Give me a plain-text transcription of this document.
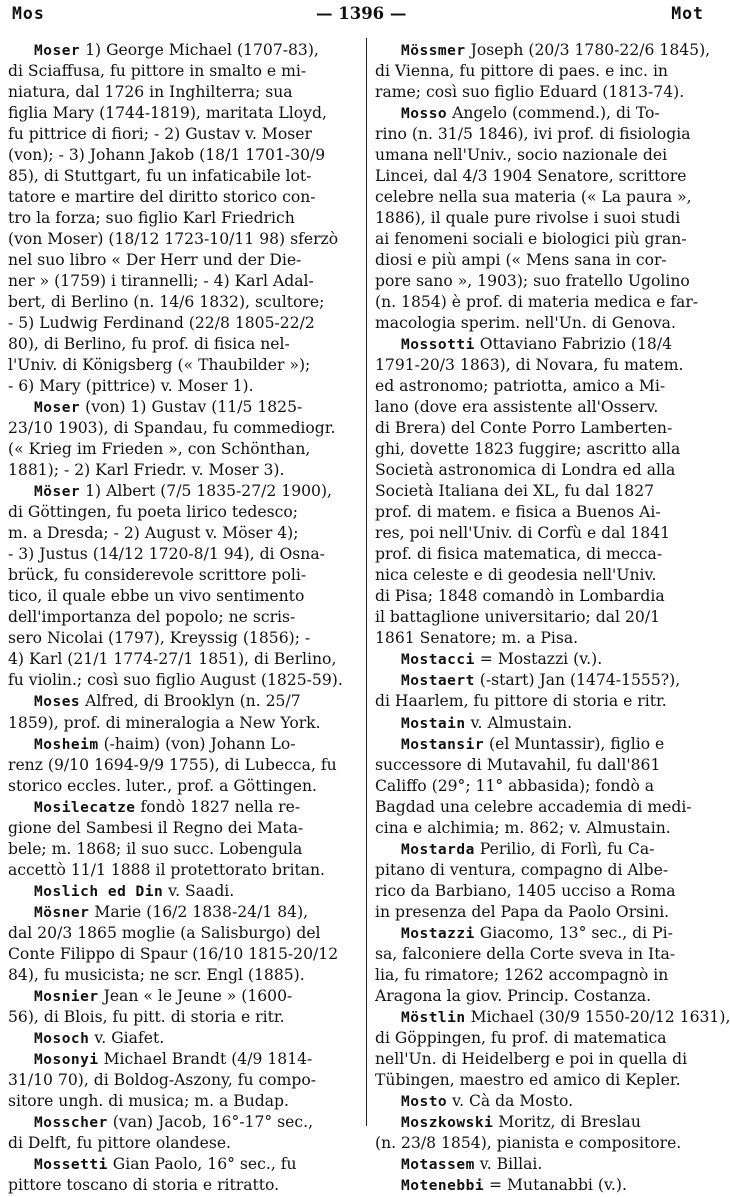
Mos	— 1396 —	Mot
Moser 1) George Michael (1707-83),
di Sciaffusa, fu pittore in smalto e mi-
niatura, dal 1726 in Inghilterra; sua
figlia Mary (1744-1819), maritata Lloyd,
fu pittrice di fiori; - 2) Gustav v. Moser
(von); - 3) Johann Jakob (18/1 1701-30/9
85), di Stuttgart, fu un infaticabile lot-
tatore e martire del diritto storico con-
tro la forza; suo figlio Karl Friedrich
(von Moser) (18/12 1723-10/11 98) sferzò
nel suo libro « Der Herr und der Die-
ner » (1759) i tirannelli; - 4) Karl Adal-
bert, di Berlino (n. 14/6 1832), scultore;
- 5) Ludwig Ferdinand (22/8 1805-22/2
80), di Berlino, fu prof. di fisica nel-
l'Univ. di Königsberg (« Thaubilder »);
- 6) Mary (pittrice) v. Moser 1).
Moser (von) 1) Gustav (11/5 1825-
23/10 1903), di Spandau, fu commediogr.
(« Krieg im Frieden », con Schönthan,
1881); - 2) Karl Friedr. v. Moser 3).
Möser 1) Albert (7/5 1835-27/2 1900),
di Göttingen, fu poeta lirico tedesco;
m. a Dresda; - 2) August v. Möser 4);
- 3) Justus (14/12 1720-8/1 94), di Osna-
brück, fu considerevole scrittore poli-
tico, il quale ebbe un vivo sentimento
dell'importanza del popolo; ne scris-
sero Nicolai (1797), Kreyssig (1856); -
4) Karl (21/1 1774-27/1 1851), di Berlino,
fu violin.; così suo figlio August (1825-59).
Moses Alfred, di Brooklyn (n. 25/7
1859), prof. di mineralogia a New York.
Mosheim (-haim) (von) Johann Lo-
renz (9/10 1694-9/9 1755), di Lubecca, fu
storico eccles. luter., prof. a Göttingen.
Mosilecatze fondò 1827 nella re-
gione del Sambesi il Regno dei Mata-
bele; m. 1868; il suo succ. Lobengula
accettò 11/1 1888 il protettorato britan.
Moslich ed Din v. Saadi.
Mösner Marie (16/2 1838-24/1 84),
dal 20/3 1865 moglie (a Salisburgo) del
Conte Filippo di Spaur (16/10 1815-20/12
84), fu musicista; ne scr. Engl (1885).
Mosnier Jean « le Jeune » (1600-
56), di Blois, fu pitt. di storia e ritr.
Mosoch v. Giafet.
Mosonyi Michael Brandt (4/9 1814-
31/10 70), di Boldog-Aszony, fu compo-
sitore ungh. di musica; m. a Budap.
Mosscher (van) Jacob, 16°-17° sec.,
di Delft, fu pittore olandese.
Mossetti Gian Paolo, 16° sec., fu
pittore toscano di storia e ritratto.
Mössmer Joseph (20/3 1780-22/6 1845),
di Vienna, fu pittore di paes. e inc. in
rame; così suo figlio Eduard (1813-74).
Mosso Angelo (commend.), di To-
rino (n. 31/5 1846), ivi prof. di fisiologia
umana nell'Univ., socio nazionale dei
Lincei, dal 4/3 1904 Senatore, scrittore
celebre nella sua materia (« La paura »,
1886), il quale pure rivolse i suoi studi
ai fenomeni sociali e biologici più gran-
diosi e più ampi (« Mens sana in cor-
pore sano », 1903); suo fratello Ugolino
(n. 1854) è prof. di materia medica e far-
macologia sperim. nell'Un. di Genova.
Mossotti Ottaviano Fabrizio (18/4
1791-20/3 1863), di Novara, fu matem.
ed astronomo; patriotta, amico a Mi-
lano (dove era assistente all'Osserv.
di Brera) del Conte Porro Lamberten-
ghi, dovette 1823 fuggire; ascritto alla
Società astronomica di Londra ed alla
Società Italiana dei XL, fu dal 1827
prof. di matem. e fisica a Buenos Ai-
res, poi nell'Univ. di Corfù e dal 1841
prof. di fisica matematica, di mecca-
nica celeste e di geodesia nell'Univ.
di Pisa; 1848 comandò in Lombardia
il battaglione universitario; dal 20/1
1861 Senatore; m. a Pisa.
Mostacci = Mostazzi (v.).
Mostaert (-start) Jan (1474-1555?),
di Haarlem, fu pittore di storia e ritr.
Mostain v. Almustain.
Mostansir (el Muntassir), figlio e
successore di Mutavahil, fu dall'861
Califfo (29°; 11° abbasida); fondò a
Bagdad una celebre accademia di medi-
cina e alchimia; m. 862; v. Almustain.
Mostarda Perilio, di Forlì, fu Ca-
pitano di ventura, compagno di Albe-
rico da Barbiano, 1405 ucciso a Roma
in presenza del Papa da Paolo Orsini.
Mostazzi Giacomo, 13° sec., di Pi-
sa, falconiere della Corte sveva in Ita-
lia, fu rimatore; 1262 accompagnò in
Aragona la giov. Princip. Costanza.
Möstlin Michael (30/9 1550-20/12 1631),
di Göppingen, fu prof. di matematica
nell'Un. di Heidelberg e poi in quella di
Tübingen, maestro ed amico di Kepler.
Mosto v. Cà da Mosto.
Moszkowski Moritz, di Breslau
(n. 23/8 1854), pianista e compositore.
Motassem v. Billai.
Motenebbi = Mutanabbi (v.).
